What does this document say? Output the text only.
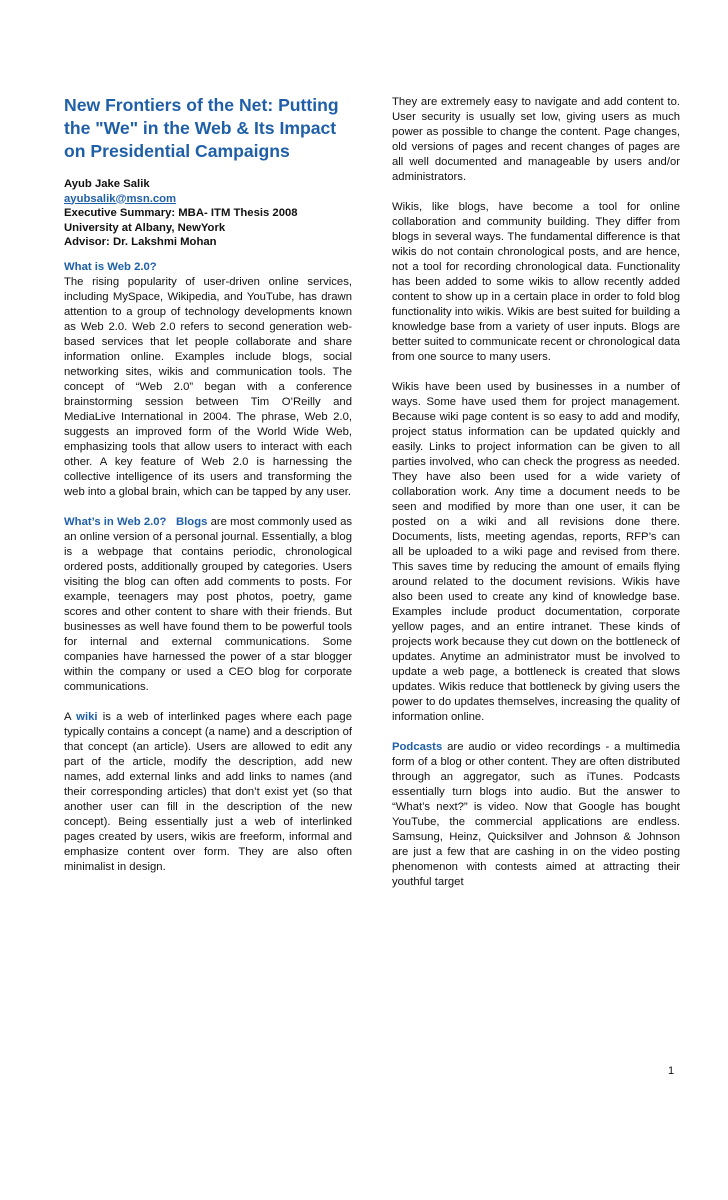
New Frontiers of the Net: Putting the "We" in the Web & Its Impact on Presidential Campaigns
Ayub Jake Salik
ayubsalik@msn.com
Executive Summary: MBA- ITM Thesis 2008
University at Albany, NewYork
Advisor: Dr. Lakshmi Mohan
What is Web 2.0?

The rising popularity of user-driven online services, including MySpace, Wikipedia, and YouTube, has drawn attention to a group of technology developments known as Web 2.0. Web 2.0 refers to second generation web-based services that let people collaborate and share information online. Examples include blogs, social networking sites, wikis and communication tools. The concept of “Web 2.0” began with a conference brainstorming session between Tim O’Reilly and MediaLive International in 2004. The phrase, Web 2.0, suggests an improved form of the World Wide Web, emphasizing tools that allow users to interact with each other. A key feature of Web 2.0 is harnessing the collective intelligence of its users and transforming the web into a global brain, which can be tapped by any user.

What’s in Web 2.0? Blogs are most commonly used as an online version of a personal journal. Essentially, a blog is a webpage that contains periodic, chronological ordered posts, additionally grouped by categories. Users visiting the blog can often add comments to posts. For example, teenagers may post photos, poetry, game scores and other content to share with their friends. But businesses as well have found them to be powerful tools for internal and external communications. Some companies have harnessed the power of a star blogger within the company or used a CEO blog for corporate communications.

A wiki is a web of interlinked pages where each page typically contains a concept (a name) and a description of that concept (an article). Users are allowed to edit any part of the article, modify the description, add new names, add external links and add links to names (and their corresponding articles) that don’t exist yet (so that another user can fill in the description of the new concept). Being essentially just a web of interlinked pages created by users, wikis are freeform, informal and emphasize content over form. They are also often minimalist in design.

They are extremely easy to navigate and add content to. User security is usually set low, giving users as much power as possible to change the content. Page changes, old versions of pages and recent changes of pages are all well documented and manageable by users and/or administrators.

Wikis, like blogs, have become a tool for online collaboration and community building. They differ from blogs in several ways. The fundamental difference is that wikis do not contain chronological posts, and are hence, not a tool for recording chronological data. Functionality has been added to some wikis to allow recently added content to show up in a certain place in order to fold blog functionality into wikis. Wikis are best suited for building a knowledge base from a variety of user inputs. Blogs are better suited to communicate recent or chronological data from one source to many users.

Wikis have been used by businesses in a number of ways. Some have used them for project management. Because wiki page content is so easy to add and modify, project status information can be updated quickly and easily. Links to project information can be given to all parties involved, who can check the progress as needed. They have also been used for a wide variety of collaboration work. Any time a document needs to be seen and modified by more than one user, it can be posted on a wiki and all revisions done there. Documents, lists, meeting agendas, reports, RFP’s can all be uploaded to a wiki page and revised from there. This saves time by reducing the amount of emails flying around related to the document revisions. Wikis have also been used to create any kind of knowledge base. Examples include product documentation, corporate yellow pages, and an entire intranet. These kinds of projects work because they cut down on the bottleneck of updates. Anytime an administrator must be involved to update a web page, a bottleneck is created that slows updates. Wikis reduce that bottleneck by giving users the power to do updates themselves, increasing the quality of information online.

Podcasts are audio or video recordings - a multimedia form of a blog or other content. They are often distributed through an aggregator, such as iTunes. Podcasts essentially turn blogs into audio. But the answer to “What’s next?” is video. Now that Google has bought YouTube, the commercial applications are endless. Samsung, Heinz, Quicksilver and Johnson & Johnson are just a few that are cashing in on the video posting phenomenon with contests aimed at attracting their youthful target

1
